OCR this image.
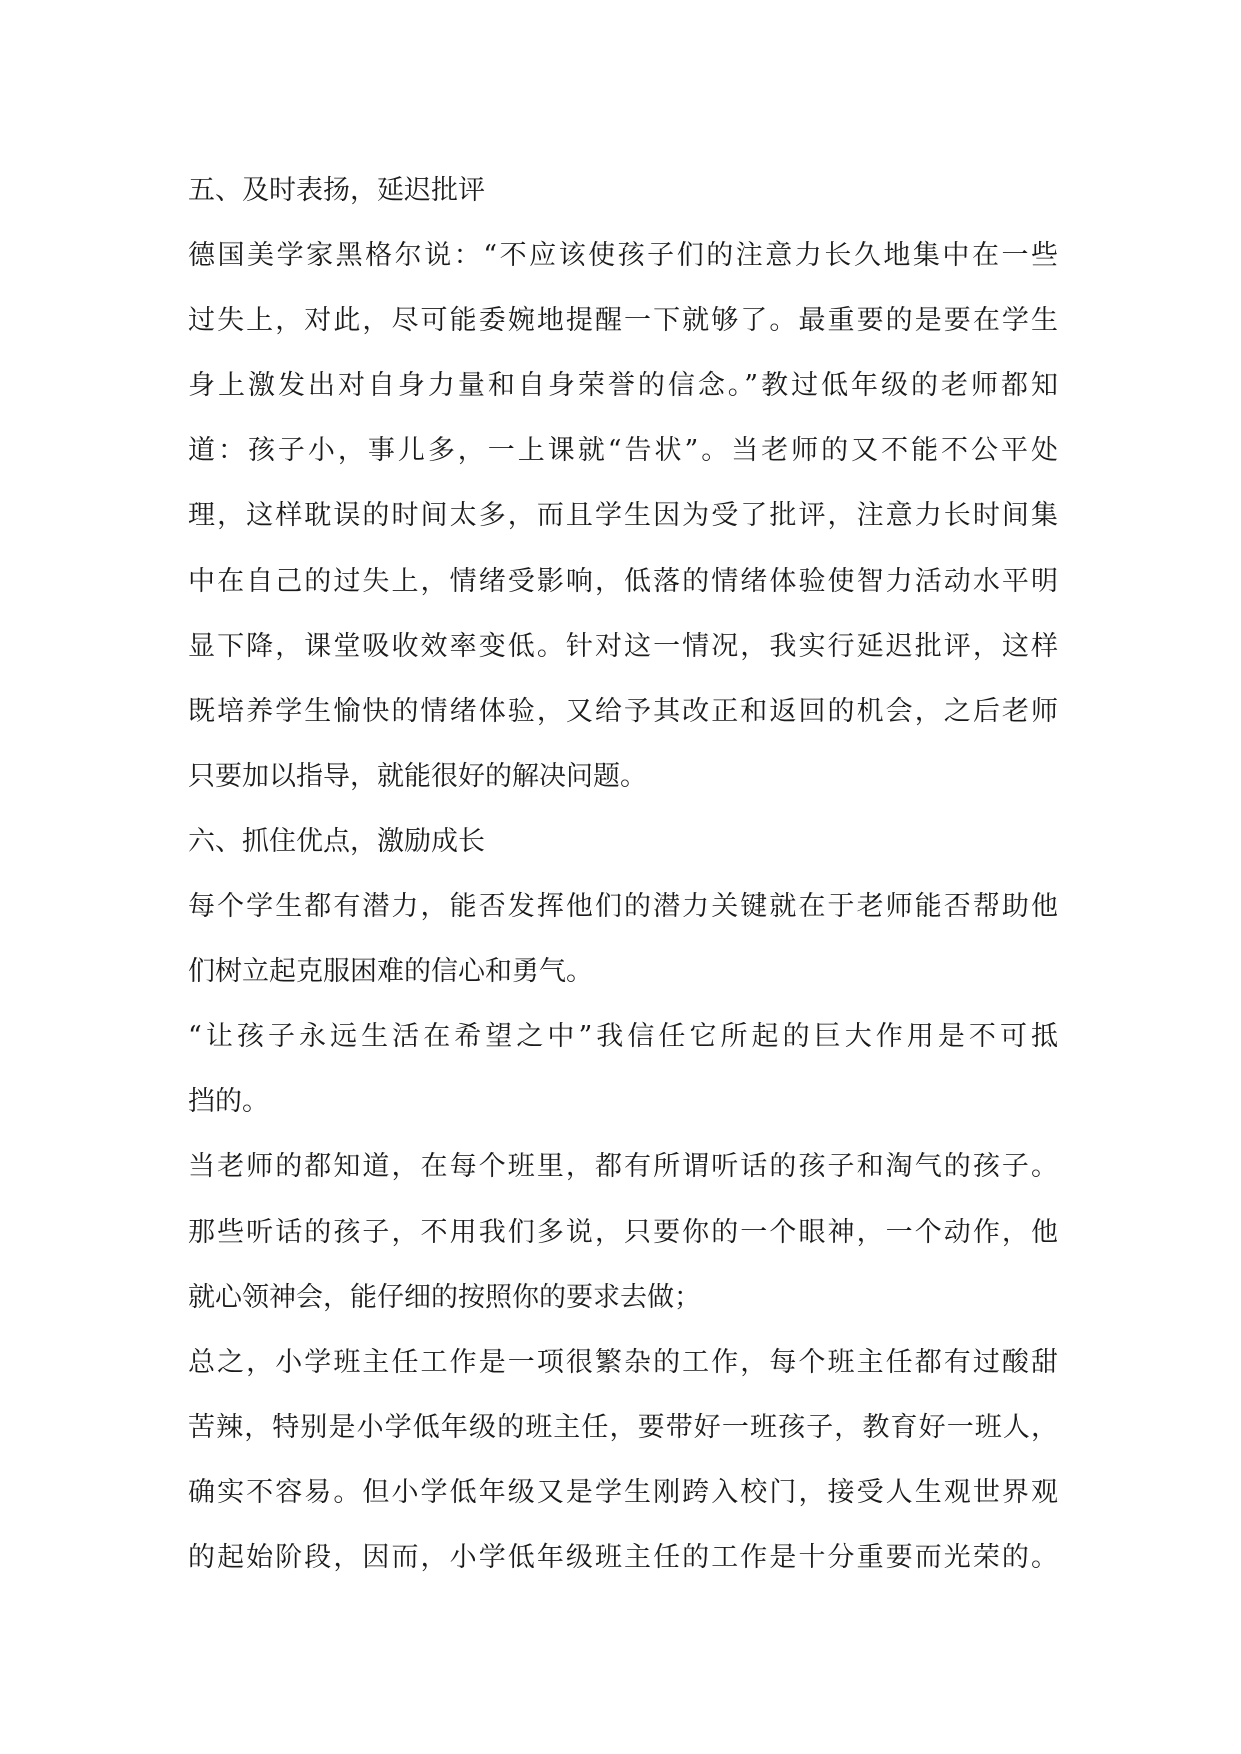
五、及时表扬，延迟批评
德国美学家黑格尔说：“不应该使孩子们的注意力长久地集中在一些
过失上，对此，尽可能委婉地提醒一下就够了。最重要的是要在学生
身上激发出对自身力量和自身荣誉的信念。”教过低年级的老师都知
道：孩子小，事儿多，一上课就“告状”。当老师的又不能不公平处
理，这样耽误的时间太多，而且学生因为受了批评，注意力长时间集
中在自己的过失上，情绪受影响，低落的情绪体验使智力活动水平明
显下降，课堂吸收效率变低。针对这一情况，我实行延迟批评，这样
既培养学生愉快的情绪体验，又给予其改正和返回的机会，之后老师
只要加以指导，就能很好的解决问题。
六、抓住优点，激励成长
每个学生都有潜力，能否发挥他们的潜力关键就在于老师能否帮助他
们树立起克服困难的信心和勇气。
“让孩子永远生活在希望之中”我信任它所起的巨大作用是不可抵
挡的。
当老师的都知道，在每个班里，都有所谓听话的孩子和淘气的孩子。
那些听话的孩子，不用我们多说，只要你的一个眼神，一个动作，他
就心领神会，能仔细的按照你的要求去做；
总之，小学班主任工作是一项很繁杂的工作，每个班主任都有过酸甜
苦辣，特别是小学低年级的班主任，要带好一班孩子，教育好一班人，
确实不容易。但小学低年级又是学生刚跨入校门，接受人生观世界观
的起始阶段，因而，小学低年级班主任的工作是十分重要而光荣的。
